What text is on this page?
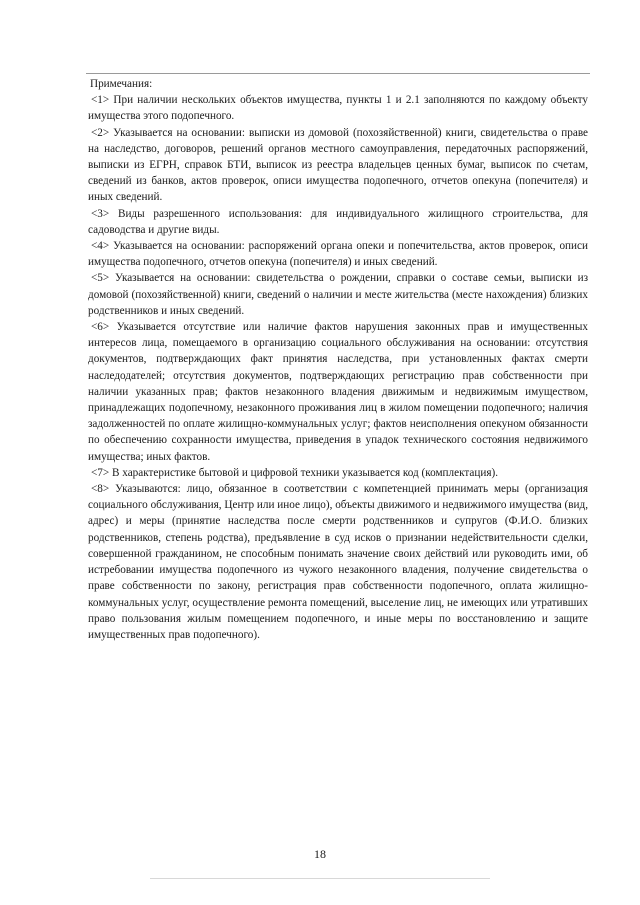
Примечания:

<1> При наличии нескольких объектов имущества, пункты 1 и 2.1 заполняются по каждому объекту имущества этого подопечного.

<2> Указывается на основании: выписки из домовой (похозяйственной) книги, свидетельства о праве на наследство, договоров, решений органов местного самоуправления, передаточных распоряжений, выписки из ЕГРН, справок БТИ, выписок из реестра владельцев ценных бумаг, выписок по счетам, сведений из банков, актов проверок, описи имущества подопечного, отчетов опекуна (попечителя) и иных сведений.

<3> Виды разрешенного использования: для индивидуального жилищного строительства, для садоводства и другие виды.

<4> Указывается на основании: распоряжений органа опеки и попечительства, актов проверок, описи имущества подопечного, отчетов опекуна (попечителя) и иных сведений.

<5> Указывается на основании: свидетельства о рождении, справки о составе семьи, выписки из домовой (похозяйственной) книги, сведений о наличии и месте жительства (месте нахождения) близких родственников и иных сведений.

<6> Указывается отсутствие или наличие фактов нарушения законных прав и имущественных интересов лица, помещаемого в организацию социального обслуживания на основании: отсутствия документов, подтверждающих факт принятия наследства, при установленных фактах смерти наследодателей; отсутствия документов, подтверждающих регистрацию прав собственности при наличии указанных прав; фактов незаконного владения движимым и недвижимым имуществом, принадлежащих подопечному, незаконного проживания лиц в жилом помещении подопечного; наличия задолженностей по оплате жилищно-коммунальных услуг; фактов неисполнения опекуном обязанности по обеспечению сохранности имущества, приведения в упадок технического состояния недвижимого имущества; иных фактов.

<7> В характеристике бытовой и цифровой техники указывается код (комплектация).

<8> Указываются: лицо, обязанное в соответствии с компетенцией принимать меры (организация социального обслуживания, Центр или иное лицо), объекты движимого и недвижимого имущества (вид, адрес) и меры (принятие наследства после смерти родственников и супругов (Ф.И.О. близких родственников, степень родства), предъявление в суд исков о признании недействительности сделки, совершенной гражданином, не способным понимать значение своих действий или руководить ими, об истребовании имущества подопечного из чужого незаконного владения, получение свидетельства о праве собственности по закону, регистрация прав собственности подопечного, оплата жилищно-коммунальных услуг, осуществление ремонта помещений, выселение лиц, не имеющих или утративших право пользования жилым помещением подопечного, и иные меры по восстановлению и защите имущественных прав подопечного).

18
